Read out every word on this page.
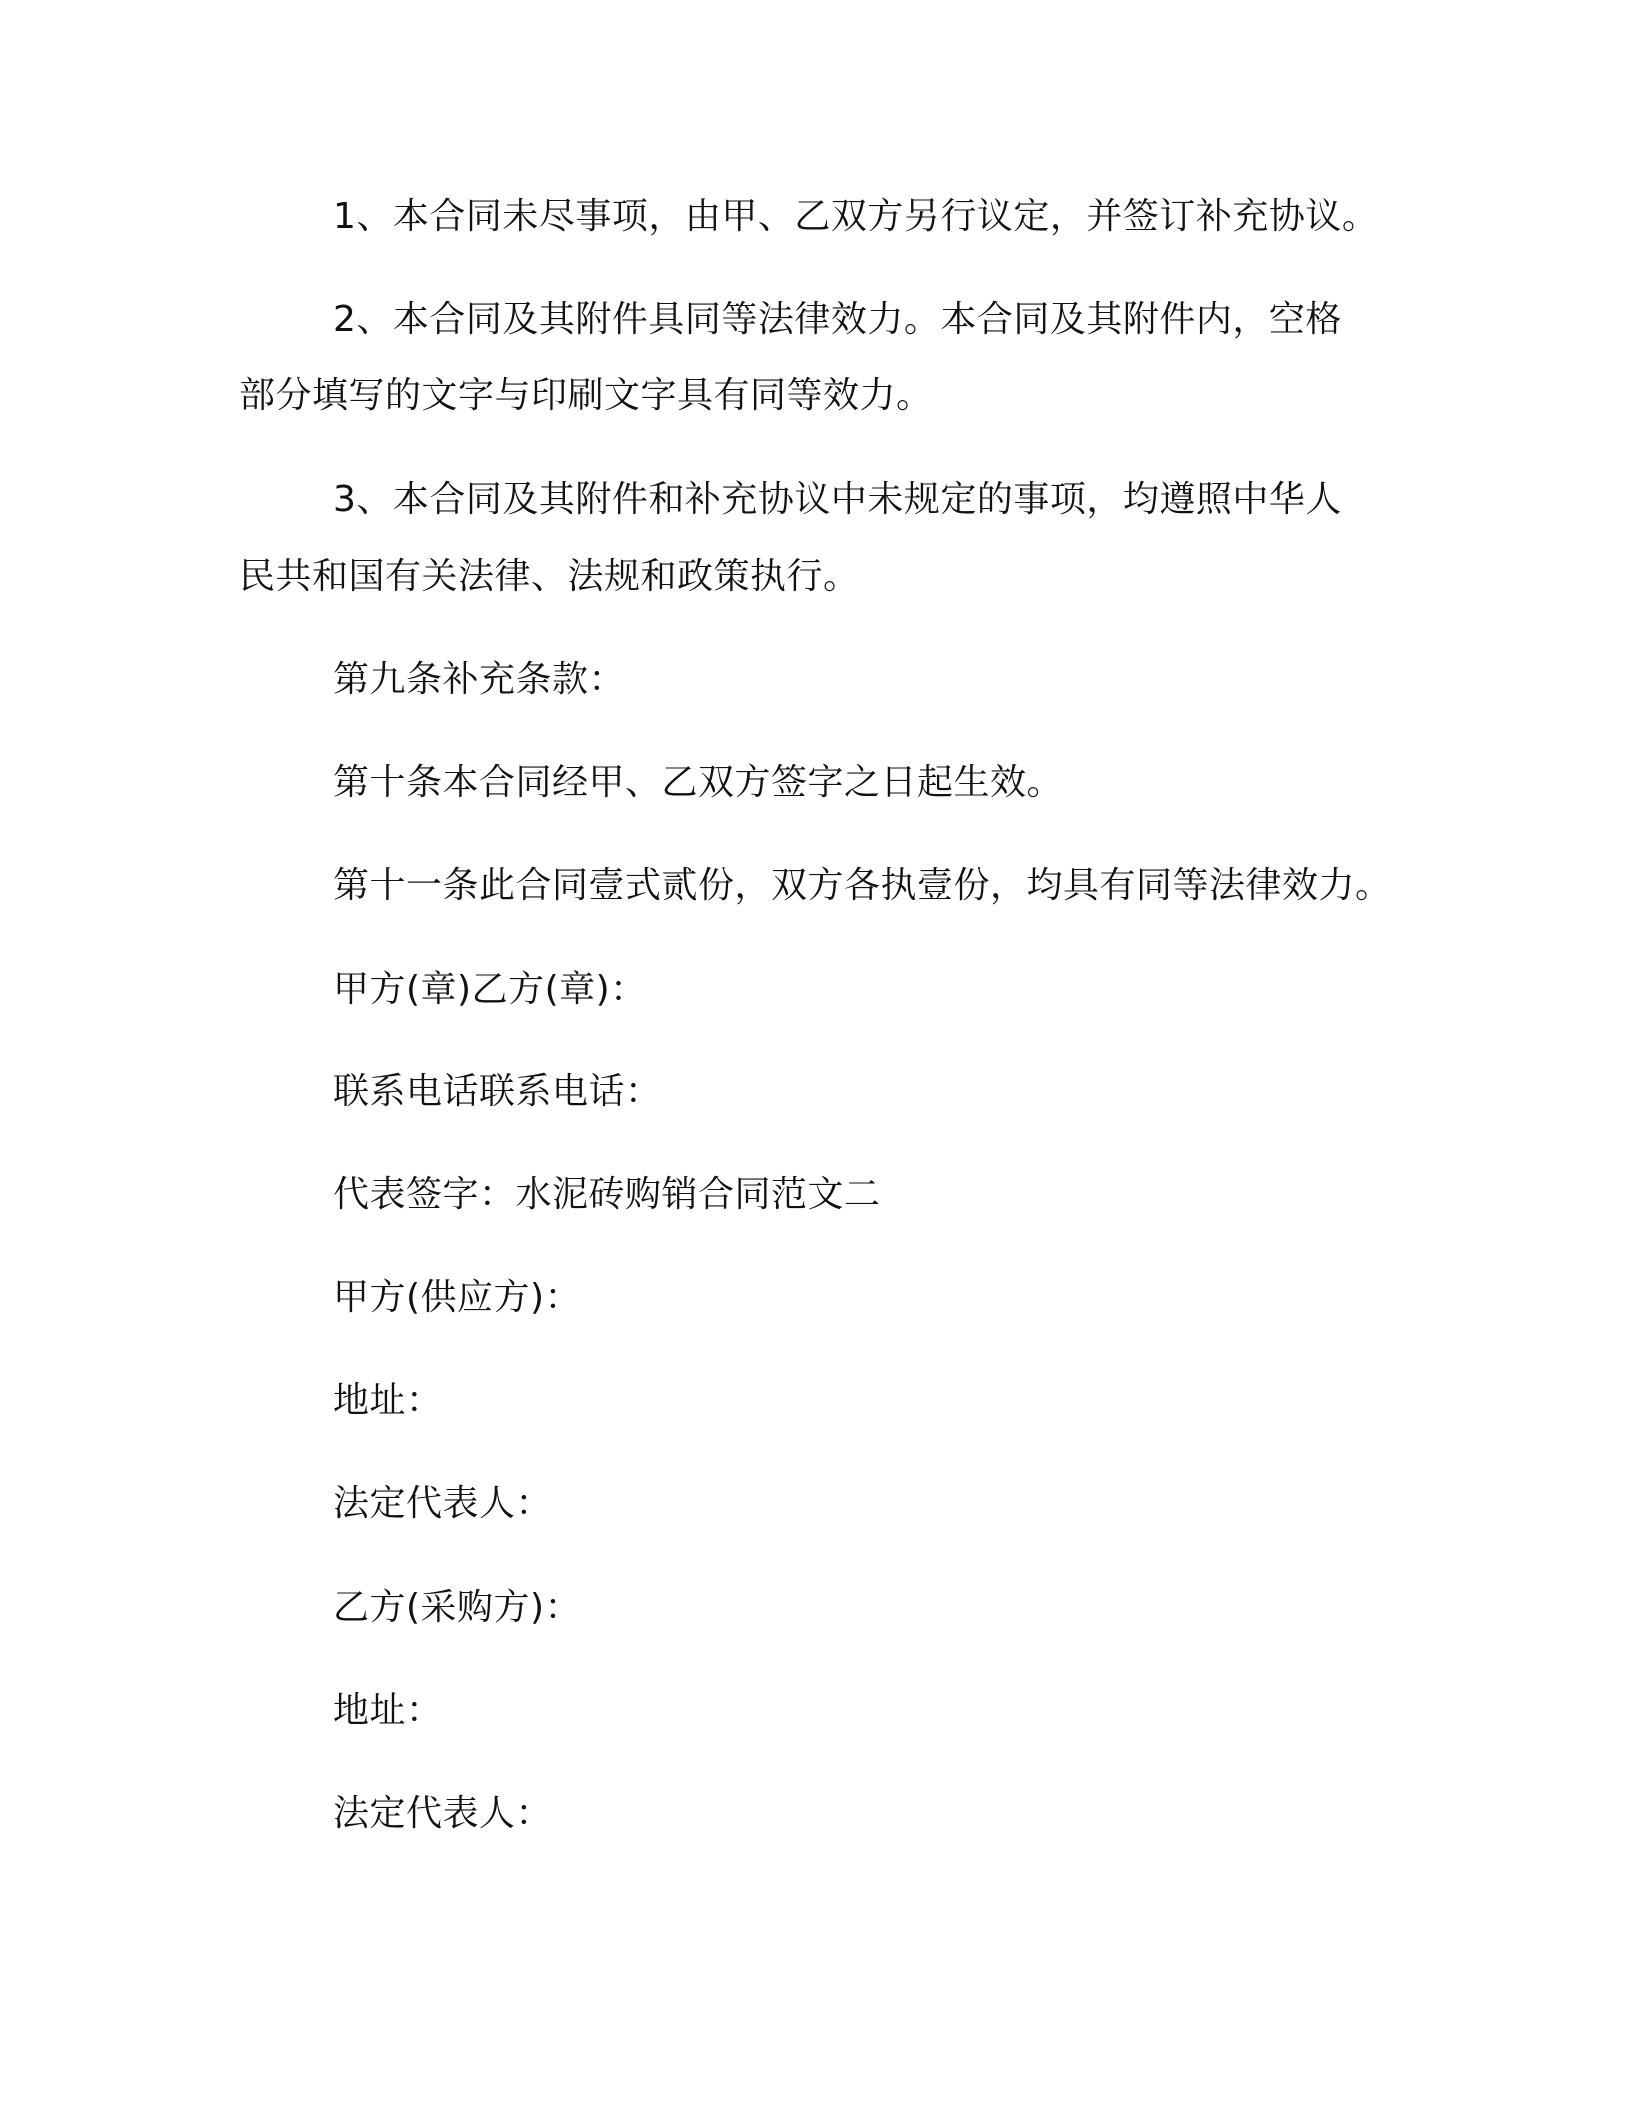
1、本合同未尽事项，由甲、乙双方另行议定，并签订补充协议。
2、本合同及其附件具同等法律效力。本合同及其附件内，空格
部分填写的文字与印刷文字具有同等效力。
3、本合同及其附件和补充协议中未规定的事项，均遵照中华人
民共和国有关法律、法规和政策执行。
第九条补充条款：
第十条本合同经甲、乙双方签字之日起生效。
第十一条此合同壹式贰份，双方各执壹份，均具有同等法律效力。
甲方(章)乙方(章)：
联系电话联系电话：
代表签字：水泥砖购销合同范文二
甲方(供应方)：
地址：
法定代表人：
乙方(采购方)：
地址：
法定代表人：
